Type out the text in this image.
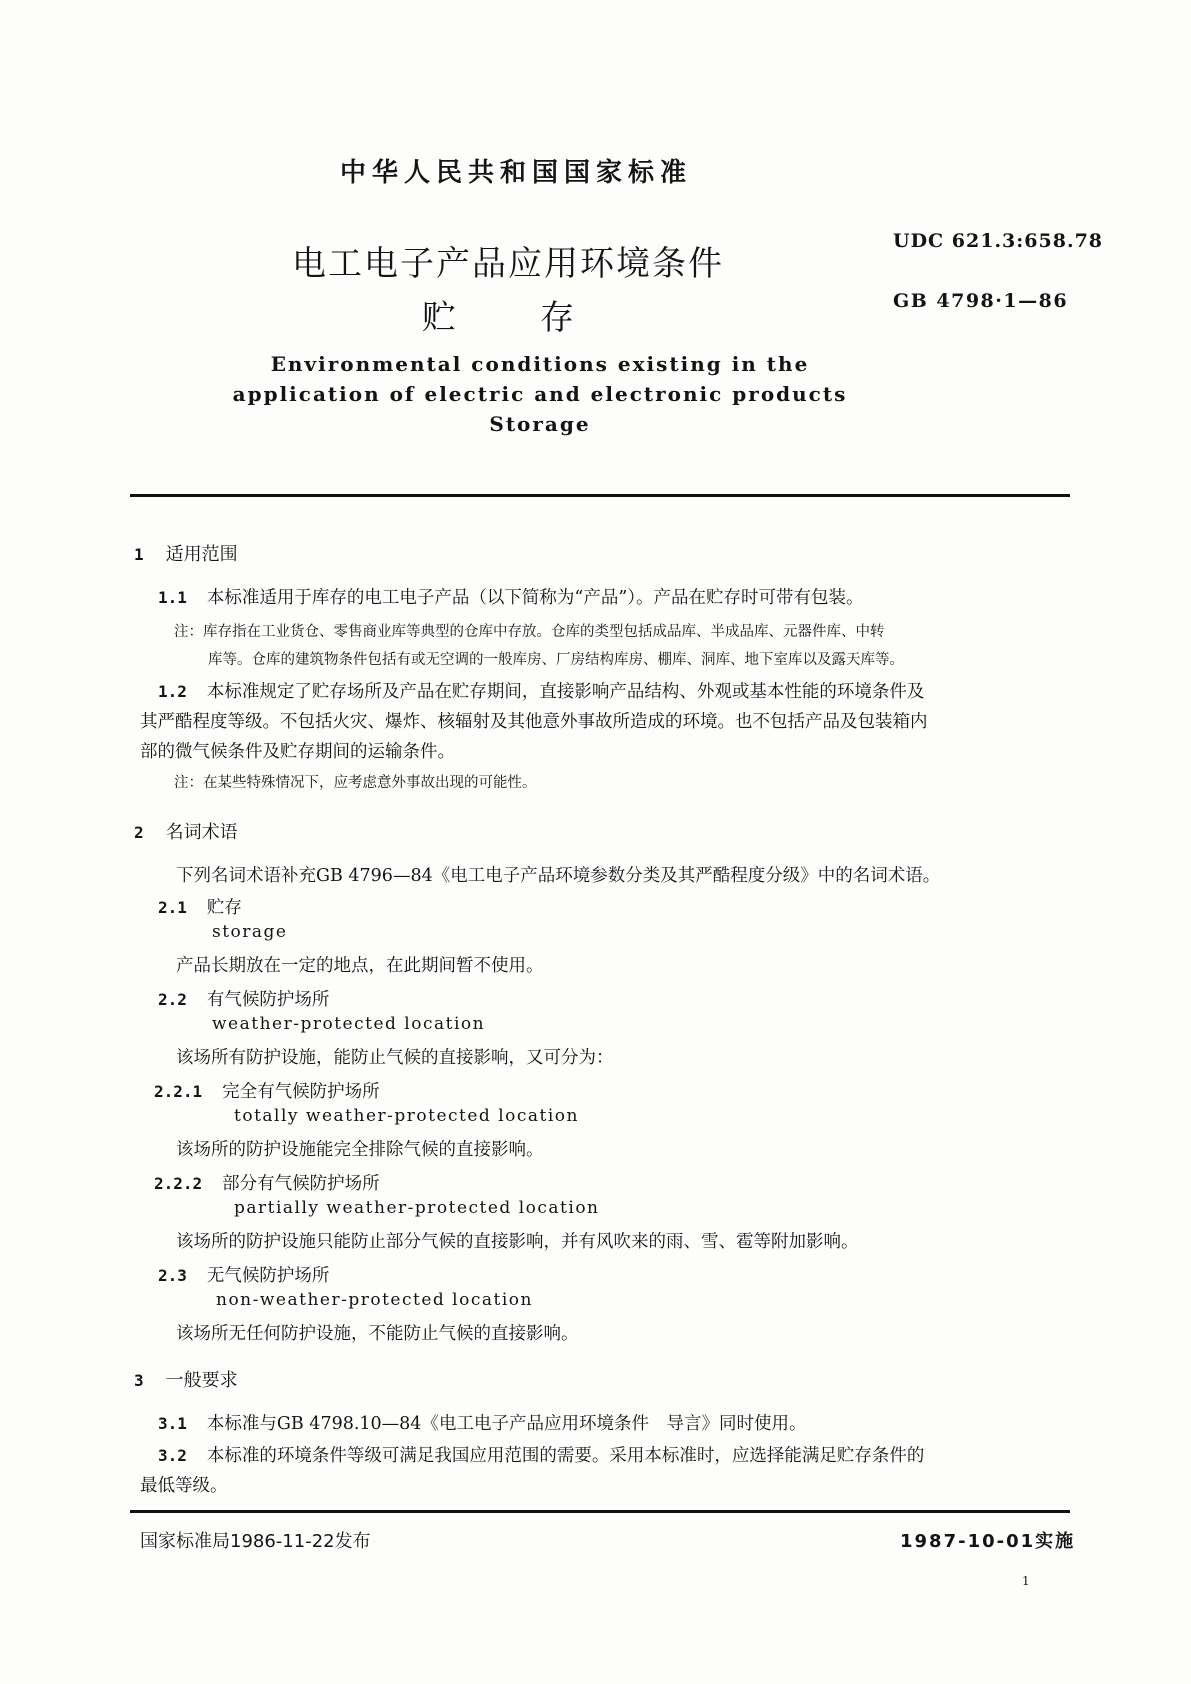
中华人民共和国国家标准
电工电子产品应用环境条件
贮存
UDC 621.3:658.78
GB 4798·1—86
Environmental conditions existing in the
application of electric and electronic products
Storage
1 适用范围
1.1 本标准适用于库存的电工电子产品（以下简称为“产品”）。产品在贮存时可带有包装。
注：库存指在工业货仓、零售商业库等典型的仓库中存放。仓库的类型包括成品库、半成品库、元器件库、中转
库等。仓库的建筑物条件包括有或无空调的一般库房、厂房结构库房、棚库、洞库、地下室库以及露天库等。
1.2 本标准规定了贮存场所及产品在贮存期间，直接影响产品结构、外观或基本性能的环境条件及
其严酷程度等级。不包括火灾、爆炸、核辐射及其他意外事故所造成的环境。也不包括产品及包装箱内
部的微气候条件及贮存期间的运输条件。
注：在某些特殊情况下，应考虑意外事故出现的可能性。
2 名词术语
下列名词术语补充GB 4796—84《电工电子产品环境参数分类及其严酷程度分级》中的名词术语。
2.1 贮存
storage
产品长期放在一定的地点，在此期间暂不使用。
2.2 有气候防护场所
weather-protected location
该场所有防护设施，能防止气候的直接影响，又可分为：
2.2.1 完全有气候防护场所
totally weather-protected location
该场所的防护设施能完全排除气候的直接影响。
2.2.2 部分有气候防护场所
partially weather-protected location
该场所的防护设施只能防止部分气候的直接影响，并有风吹来的雨、雪、雹等附加影响。
2.3 无气候防护场所
non-weather-protected location
该场所无任何防护设施，不能防止气候的直接影响。
3 一般要求
3.1 本标准与GB 4798.10—84《电工电子产品应用环境条件　导言》同时使用。
3.2 本标准的环境条件等级可满足我国应用范围的需要。采用本标准时，应选择能满足贮存条件的
最低等级。
国家标准局1986-11-22发布	1987-10-01实施
1
